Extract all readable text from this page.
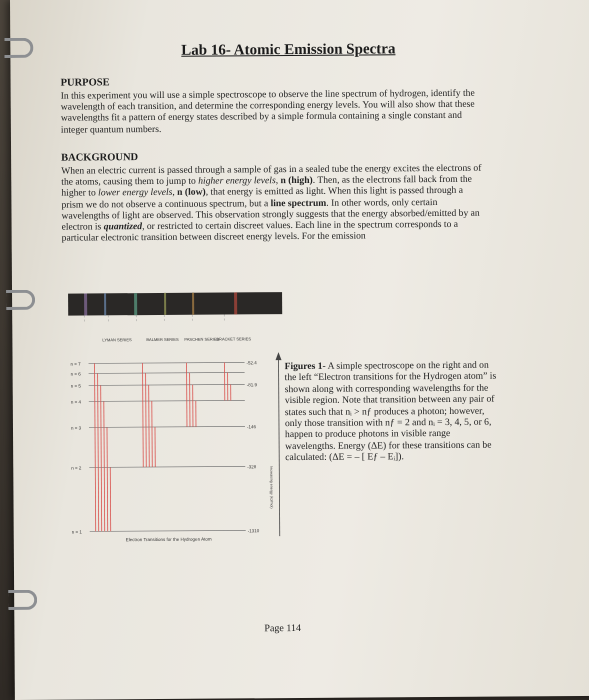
Lab 16- Atomic Emission Spectra
PURPOSE
In this experiment you will use a simple spectroscope to observe the line spectrum of hydrogen, identify the wavelength of each transition, and determine the corresponding energy levels. You will also show that these wavelengths fit a pattern of energy states described by a simple formula containing a single constant and integer quantum numbers.
BACKGROUND
When an electric current is passed through a sample of gas in a sealed tube the energy excites the electrons of the atoms, causing them to jump to higher energy levels, n (high). Then, as the electrons fall back from the higher to lower energy levels, n (low), that energy is emitted as light. When this light is passed through a prism we do not observe a continuous spectrum, but a line spectrum. In other words, only certain wavelengths of light are observed. This observation strongly suggests that the energy absorbed/emitted by an electron is quantized, or restricted to certain discreet values. Each line in the spectrum corresponds to a particular electronic transition between discreet energy levels. For the emission
LYMAN SERIES	BALMER SERIES PASCHEN SERIES
BRACKET SERIES
n = 7
n = 6
n = 5
n = 4
n = 3
n = 2
n = 1
-52.4
-81.9
-146
-328
-1310
Increasing energy (kJ/mol)
Electron Transitions for the Hydrogen Atom
Figures 1- A simple spectroscope on the right and on the left “Electron transitions for the Hydrogen atom” is shown along with corresponding wavelengths for the visible region. Note that transition between any pair of states such that nᵢ > nƒ produces a photon; however, only those transition with nƒ = 2 and nᵢ = 3, 4, 5, or 6, happen to produce photons in visible range wavelengths. Energy (ΔE) for these transitions can be calculated: (ΔE = – [ Eƒ – Eᵢ]).
Page 114
